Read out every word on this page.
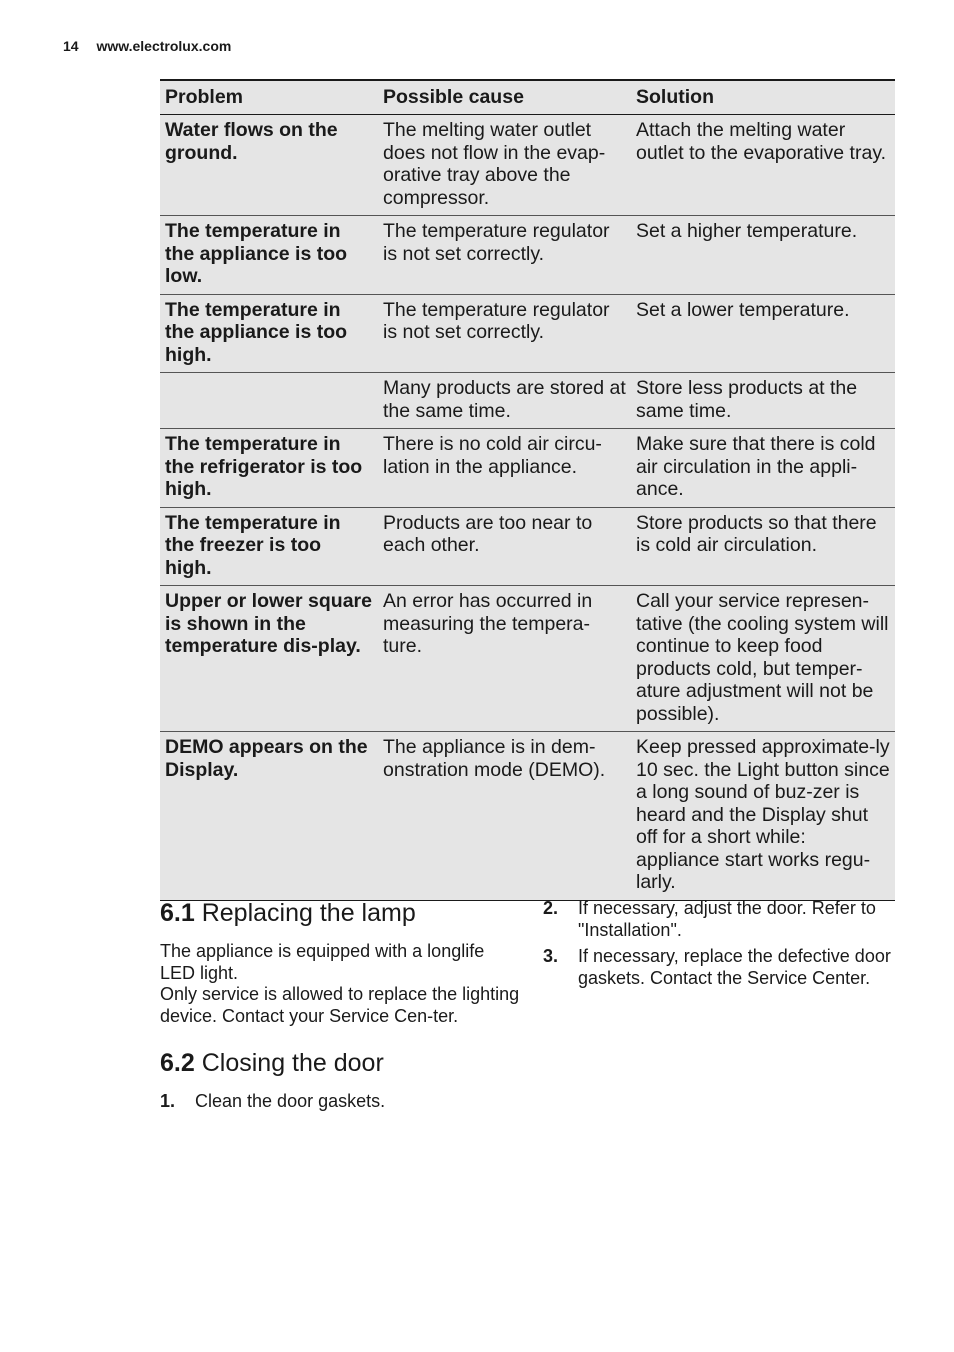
14 www.electrolux.com
Problem	Possible cause	Solution
Water flows on the ground.	The melting water outlet does not flow in the evap-orative tray above the compressor.	Attach the melting water outlet to the evaporative tray.
The temperature in the appliance is too low.	The temperature regulator is not set correctly.	Set a higher temperature.
The temperature in the appliance is too high.	The temperature regulator is not set correctly.	Set a lower temperature.
	Many products are stored at the same time.	Store less products at the same time.
The temperature in the refrigerator is too high.	There is no cold air circu-lation in the appliance.	Make sure that there is cold air circulation in the appli-ance.
The temperature in the freezer is too high.	Products are too near to each other.	Store products so that there is cold air circulation.
Upper or lower square is shown in the temperature dis-play.	An error has occurred in measuring the tempera-ture.	Call your service represen-tative (the cooling system will continue to keep food products cold, but temper-ature adjustment will not be possible).
DEMO appears on the Display.	The appliance is in dem-onstration mode (DEMO).	Keep pressed approximate-ly 10 sec. the Light button since a long sound of buz-zer is heard and the Display shut off for a short while: appliance start works regu-larly.
6.1 Replacing the lamp

The appliance is equipped with a longlife LED light.

Only service is allowed to replace the lighting device. Contact your Service Cen-ter.

6.2 Closing the door
1.	Clean the door gaskets.
2.	If necessary, adjust the door. Refer to "Installation".
3.	If necessary, replace the defective door gaskets. Contact the Service Center.
